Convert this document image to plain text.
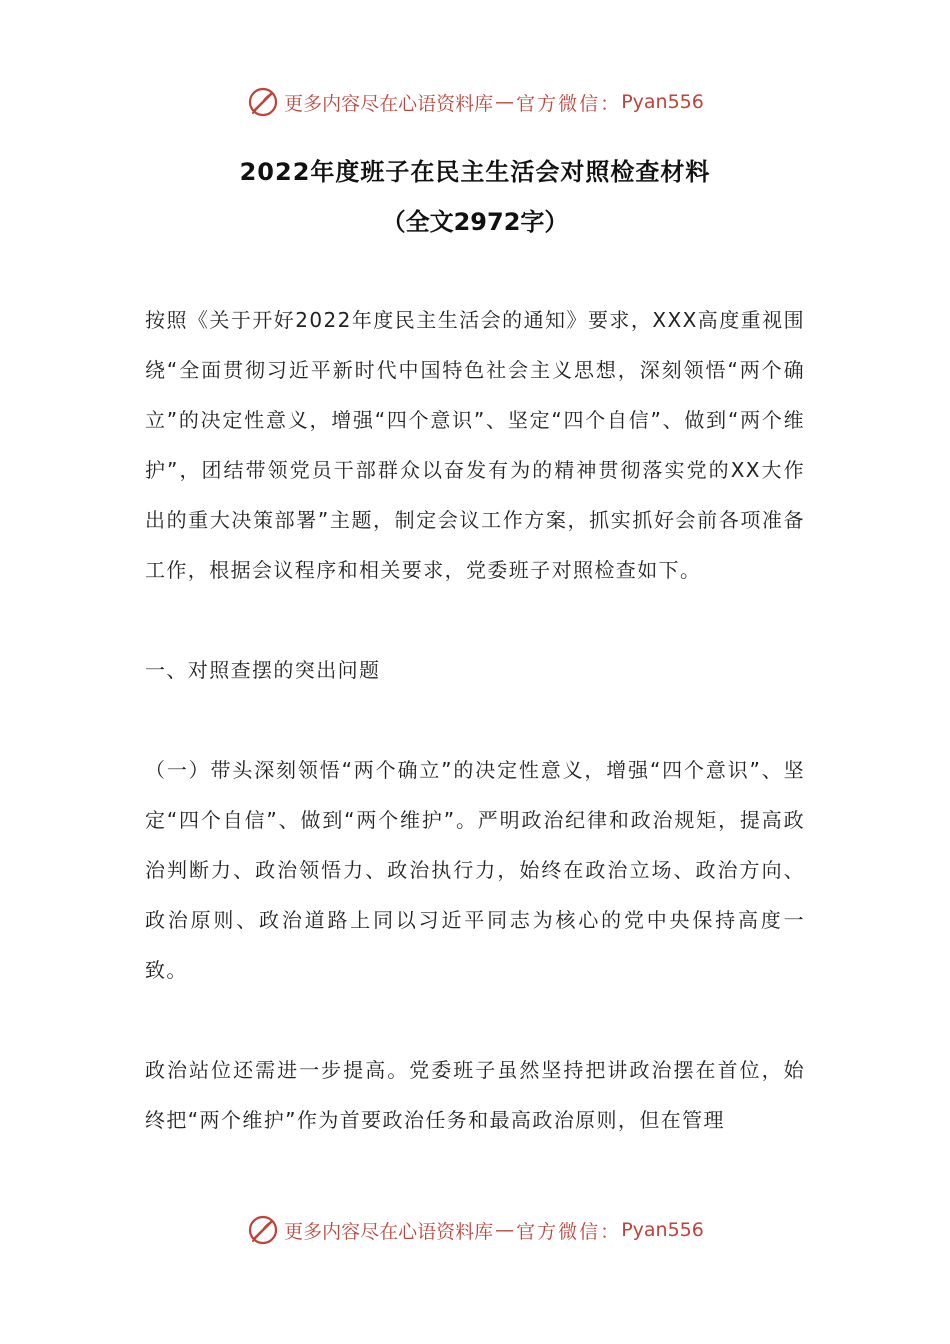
更多内容尽在心语资料库 — 官方微信： Pyan556
2022年度班子在民主生活会对照检查材料
（全文2972字）

按照《关于开好2022年度民主生活会的通知》要求，XXX高度重视围绕“全面贯彻习近平新时代中国特色社会主义思想，深刻领悟“两个确立”的决定性意义，增强“四个意识”、坚定“四个自信”、做到“两个维护”，团结带领党员干部群众以奋发有为的精神贯彻落实党的XX大作出的重大决策部署”主题，制定会议工作方案，抓实抓好会前各项准备工作，根据会议程序和相关要求，党委班子对照检查如下。

一、对照查摆的突出问题

（一）带头深刻领悟“两个确立”的决定性意义，增强“四个意识”、坚定“四个自信”、做到“两个维护”。严明政治纪律和政治规矩，提高政治判断力、政治领悟力、政治执行力，始终在政治立场、政治方向、政治原则、政治道路上同以习近平同志为核心的党中央保持高度一致。

政治站位还需进一步提高。党委班子虽然坚持把讲政治摆在首位，始终把“两个维护”作为首要政治任务和最高政治原则，但在管理

更多内容尽在心语资料库 — 官方微信： Pyan556
